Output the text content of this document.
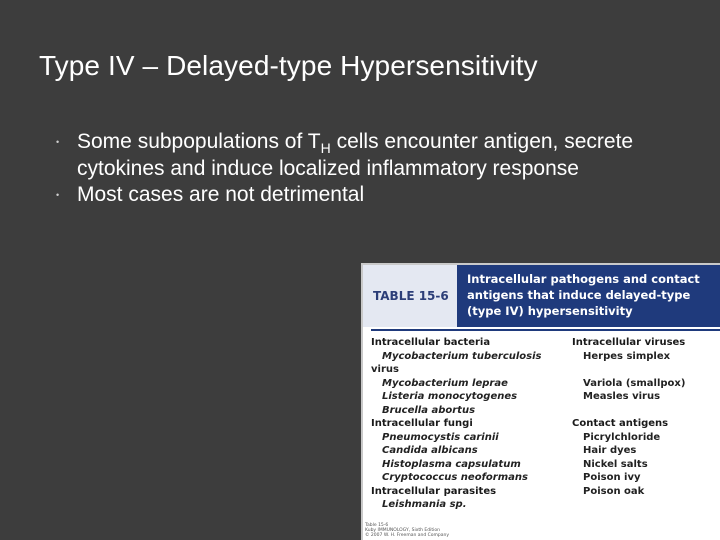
Type IV – Delayed-type Hypersensitivity
• Some subpopulations of $T_H$ cells encounter antigen, secrete cytokines and induce localized inflammatory response
• Most cases are not detrimental
TABLE 15-6
Intracellular pathogens and contact antigens that induce delayed-type (type IV) hypersensitivity
Intracellular bacteria
Mycobacterium tuberculosis
virus
Mycobacterium leprae
Listeria monocytogenes
Brucella abortus
Intracellular fungi
Pneumocystis carinii
Candida albicans
Histoplasma capsulatum
Cryptococcus neoformans
Intracellular parasites
Leishmania sp.
Intracellular viruses
Herpes simplex
Variola (smallpox)
Measles virus
Contact antigens
Picrylchloride
Hair dyes
Nickel salts
Poison ivy
Poison oak
Table 15-6
Kuby IMMUNOLOGY, Sixth Edition
© 2007 W. H. Freeman and Company
